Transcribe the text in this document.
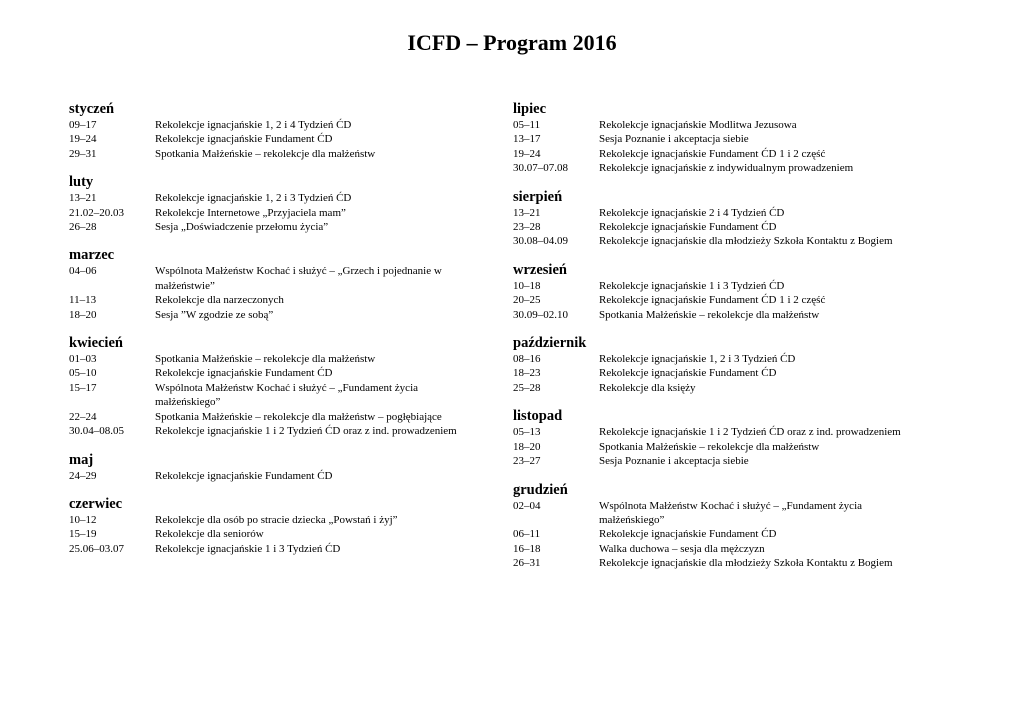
ICFD – Program 2016
styczeń
09–17	Rekolekcje ignacjańskie 1, 2 i 4 Tydzień ĆD
19–24	Rekolekcje ignacjańskie Fundament ĆD
29–31	Spotkania Małżeńskie – rekolekcje dla małżeństw
luty
13–21	Rekolekcje ignacjańskie 1, 2 i 3 Tydzień ĆD
21.02–20.03	Rekolekcje Internetowe „Przyjaciela mam”
26–28	Sesja „Doświadczenie przełomu życia”
marzec
04–06	Wspólnota Małżeństw Kochać i służyć – „Grzech i pojednanie w małżeństwie”
11–13	Rekolekcje dla narzeczonych
18–20	Sesja ”W zgodzie ze sobą”
kwiecień
01–03	Spotkania Małżeńskie – rekolekcje dla małżeństw
05–10	Rekolekcje ignacjańskie Fundament ĆD
15–17	Wspólnota Małżeństw Kochać i służyć – „Fundament życia małżeńskiego”
22–24	Spotkania Małżeńskie – rekolekcje dla małżeństw – pogłębiające
30.04–08.05	Rekolekcje ignacjańskie 1 i 2 Tydzień ĆD oraz z ind. prowadzeniem
maj
24–29	Rekolekcje ignacjańskie Fundament ĆD
czerwiec
10–12	Rekolekcje dla osób po stracie dziecka „Powstań i żyj”
15–19	Rekolekcje dla seniorów
25.06–03.07	Rekolekcje ignacjańskie 1 i 3 Tydzień ĆD
lipiec
05–11	Rekolekcje ignacjańskie Modlitwa Jezusowa
13–17	Sesja Poznanie i akceptacja siebie
19–24	Rekolekcje ignacjańskie Fundament ĆD 1 i 2 część
30.07–07.08	Rekolekcje ignacjańskie z indywidualnym prowadzeniem
sierpień
13–21	Rekolekcje ignacjańskie 2 i 4 Tydzień ĆD
23–28	Rekolekcje ignacjańskie Fundament ĆD
30.08–04.09	Rekolekcje ignacjańskie dla młodzieży Szkoła Kontaktu z Bogiem
wrzesień
10–18	Rekolekcje ignacjańskie 1 i 3 Tydzień ĆD
20–25	Rekolekcje ignacjańskie Fundament ĆD 1 i 2 część
30.09–02.10	Spotkania Małżeńskie – rekolekcje dla małżeństw
październik
08–16	Rekolekcje ignacjańskie 1, 2 i 3 Tydzień ĆD
18–23	Rekolekcje ignacjańskie Fundament ĆD
25–28	Rekolekcje dla księży
listopad
05–13	Rekolekcje ignacjańskie 1 i 2 Tydzień ĆD oraz z ind. prowadzeniem
18–20	Spotkania Małżeńskie – rekolekcje dla małżeństw
23–27	Sesja Poznanie i akceptacja siebie
grudzień
02–04	Wspólnota Małżeństw Kochać i służyć – „Fundament życia małżeńskiego”
06–11	Rekolekcje ignacjańskie Fundament ĆD
16–18	Walka duchowa – sesja dla mężczyzn
26–31	Rekolekcje ignacjańskie dla młodzieży Szkoła Kontaktu z Bogiem
